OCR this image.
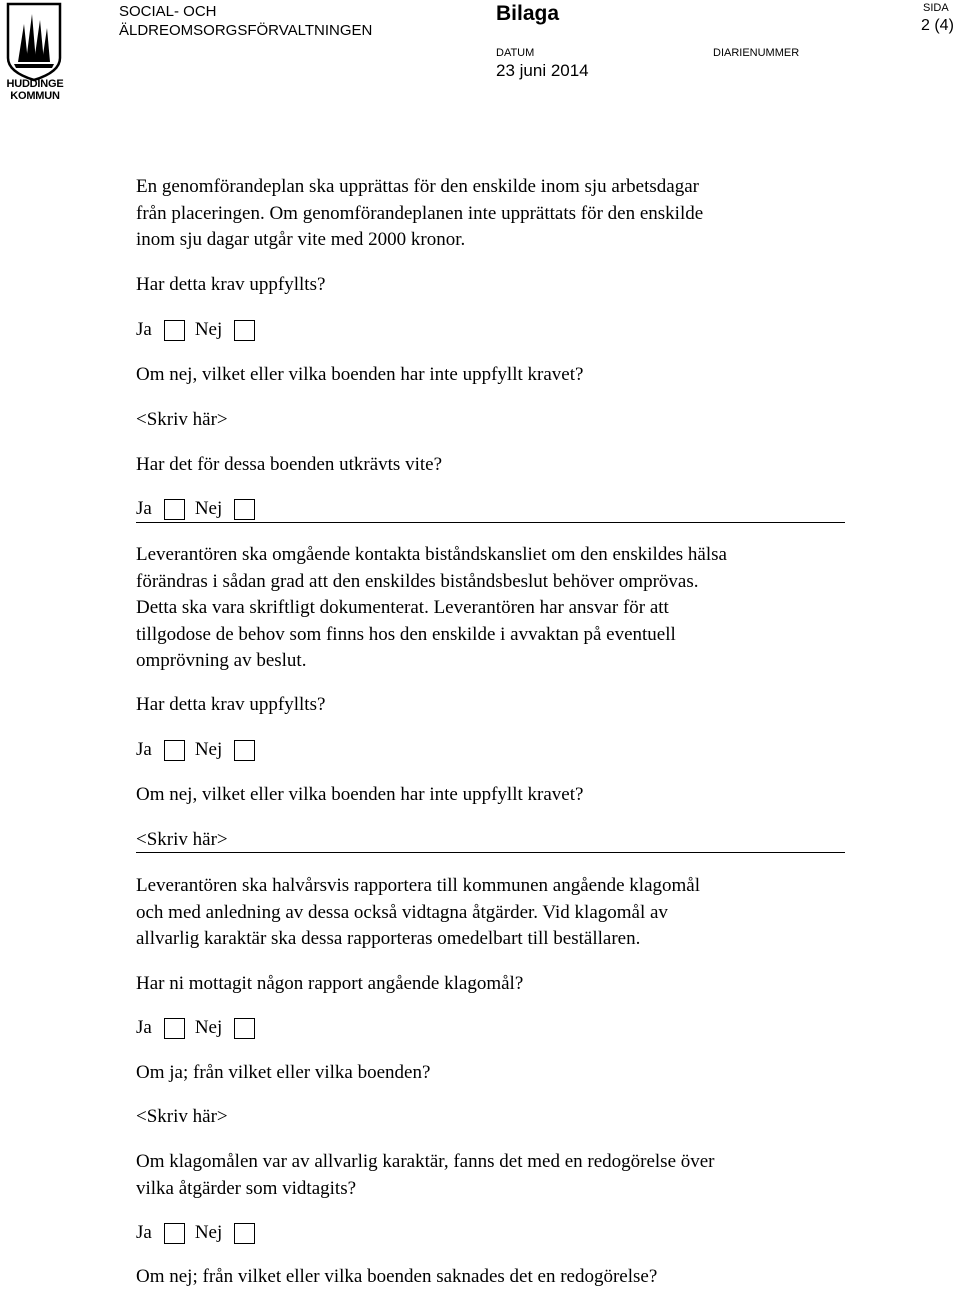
HUDDINGE
KOMMUN
SOCIAL- OCH
ÄLDREOMSORGSFÖRVALTNINGEN
Bilaga	SIDA
2 (4)
DATUM
23 juni 2014
DIARIENUMMER
En genomförandeplan ska upprättas för den enskilde inom sju arbetsdagar
från placeringen. Om genomförandeplanen inte upprättats för den enskilde
inom sju dagar utgår vite med 2000 kronor.
Har detta krav uppfyllts?
Ja Nej
Om nej, vilket eller vilka boenden har inte uppfyllt kravet?
<Skriv här>
Har det för dessa boenden utkrävts vite?
Ja Nej
Leverantören ska omgående kontakta biståndskansliet om den enskildes hälsa
förändras i sådan grad att den enskildes biståndsbeslut behöver omprövas.
Detta ska vara skriftligt dokumenterat. Leverantören har ansvar för att
tillgodose de behov som finns hos den enskilde i avvaktan på eventuell
omprövning av beslut.
Har detta krav uppfyllts?
Ja Nej
Om nej, vilket eller vilka boenden har inte uppfyllt kravet?
<Skriv här>
Leverantören ska halvårsvis rapportera till kommunen angående klagomål
och med anledning av dessa också vidtagna åtgärder. Vid klagomål av
allvarlig karaktär ska dessa rapporteras omedelbart till beställaren.
Har ni mottagit någon rapport angående klagomål?
Ja Nej
Om ja; från vilket eller vilka boenden?
<Skriv här>
Om klagomålen var av allvarlig karaktär, fanns det med en redogörelse över
vilka åtgärder som vidtagits?
Ja Nej
Om nej; från vilket eller vilka boenden saknades det en redogörelse?
